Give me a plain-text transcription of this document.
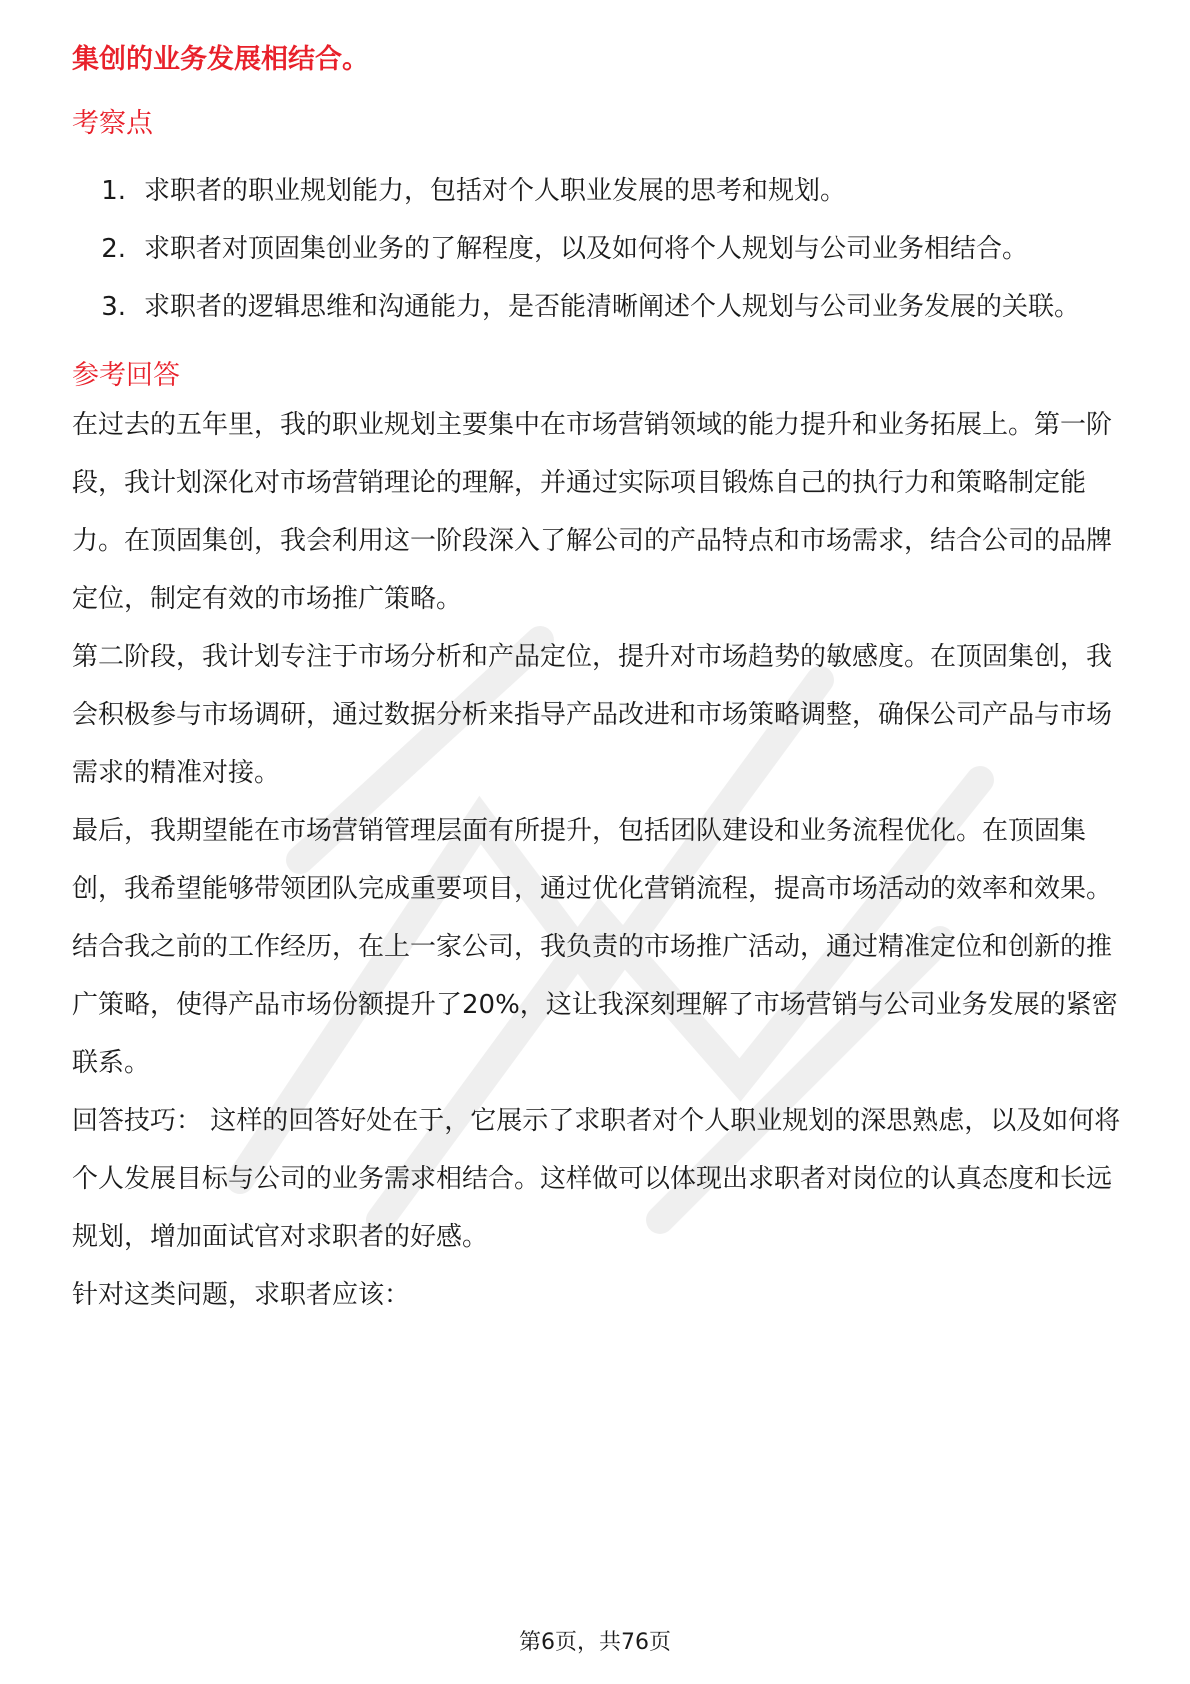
集创的业务发展相结合。

考察点
1. 求职者的职业规划能力，包括对个人职业发展的思考和规划。
2. 求职者对顶固集创业务的了解程度，以及如何将个人规划与公司业务相结合。
3. 求职者的逻辑思维和沟通能力，是否能清晰阐述个人规划与公司业务发展的关联。
参考回答

在过去的五年里，我的职业规划主要集中在市场营销领域的能力提升和业务拓展上。第一阶段，我计划深化对市场营销理论的理解，并通过实际项目锻炼自己的执行力和策略制定能力。在顶固集创，我会利用这一阶段深入了解公司的产品特点和市场需求，结合公司的品牌定位，制定有效的市场推广策略。

第二阶段，我计划专注于市场分析和产品定位，提升对市场趋势的敏感度。在顶固集创，我会积极参与市场调研，通过数据分析来指导产品改进和市场策略调整，确保公司产品与市场需求的精准对接。

最后，我期望能在市场营销管理层面有所提升，包括团队建设和业务流程优化。在顶固集创，我希望能够带领团队完成重要项目，通过优化营销流程，提高市场活动的效率和效果。

结合我之前的工作经历，在上一家公司，我负责的市场推广活动，通过精准定位和创新的推广策略，使得产品市场份额提升了20%，这让我深刻理解了市场营销与公司业务发展的紧密联系。

回答技巧： 这样的回答好处在于，它展示了求职者对个人职业规划的深思熟虑，以及如何将个人发展目标与公司的业务需求相结合。这样做可以体现出求职者对岗位的认真态度和长远规划，增加面试官对求职者的好感。

针对这类问题，求职者应该：

第6页，共76页
